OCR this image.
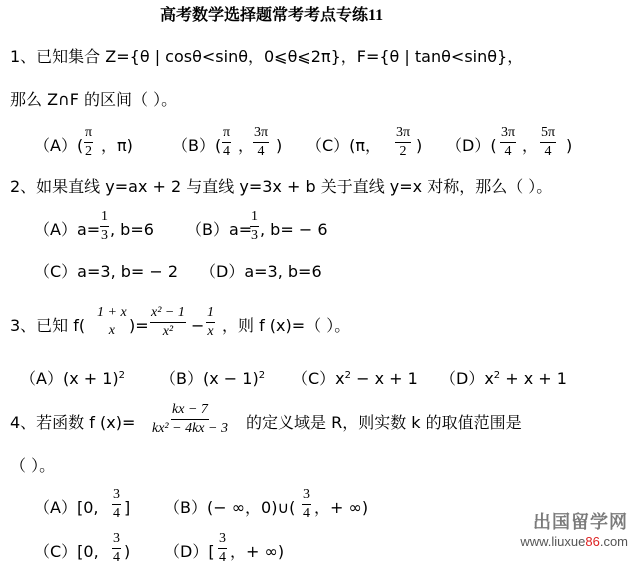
高考数学选择题常考考点专练11
1、已知集合 Z={θ | cosθ<sinθ，0⩽θ⩽2π}，F={θ | tanθ<sinθ}，
那么 Z∩F 的区间（ ）。
（A）(
π
2 ，π) （B）(
π
4 ，
3π
4 ) （C）(π，
3π
2 ) （D）(
3π
4 ，
5π
4 )
2、如果直线 y=ax + 2 与直线 y=3x + b 关于直线 y=x 对称，那么（ ）。
（A）a=
1
3 , b=6 （B）a=
1
3 , b= − 6
（C）a=3, b= − 2 （D）a=3, b=6
3、已知 f(
1 + x
x )=
x² − 1
x² −
1
x ，则 f (x)=（ ）。
$(A)(x + 1)^2$ $(B)(x - 1)^2$ $(C)x^2 - x + 1$ $(D)x^2 + x + 1$
4、若函数 f (x)=
kx − 7
kx² − 4kx − 3 的定义域是 R，则实数 k 的取值范围是
（ ）。
（A）[0,
3
4 ] （B）(− ∞，0)∪(
3
4 ，+ ∞)
（C）[0,
3
4 ) （D）[
3
4 ，+ ∞)
出国留学网
www.liuxue86.com
